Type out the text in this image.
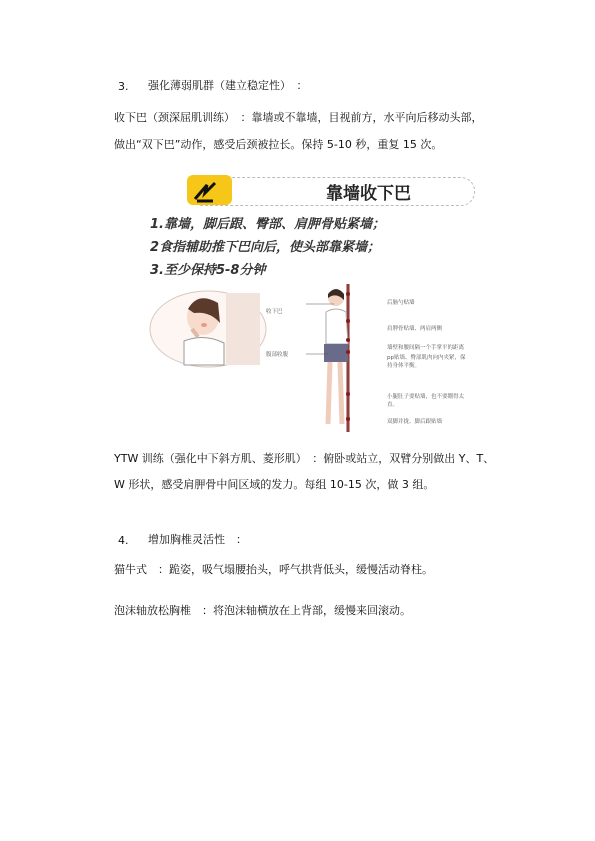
3. 强化薄弱肌群（建立稳定性）　：
收下巴（颈深屈肌训练）　：靠墙或不靠墙，目视前方，水平向后移动头部，
做出“双下巴”动作，感受后颈被拉长。保持 5-10 秒，重复 15 次。
靠墙收下巴
1.靠墙，脚后跟、臀部、肩胛骨贴紧墙；
2食指辅助推下巴向后，使头部靠紧墙；
3.至少保持5-8分钟
收下巴
腹部收腹
后脑勺贴墙
肩胛骨贴墙、两肩两侧
墙壁和腰间隔一个手掌平的距离
pp贴墙、臀部肌肉向内夹紧，保持身体平衡。
小腿肚子要贴墙，也不要绷得太直。
双脚并拢、脚后跟贴墙
YTW 训练（强化中下斜方肌、菱形肌）　：俯卧或站立，双臂分别做出 Y、T、
W 形状，感受肩胛骨中间区域的发力。每组 10-15 次，做 3 组。
4. 增加胸椎灵活性　：
猫牛式　：跪姿，吸气塌腰抬头，呼气拱背低头，缓慢活动脊柱。
泡沫轴放松胸椎　：将泡沫轴横放在上背部，缓慢来回滚动。
